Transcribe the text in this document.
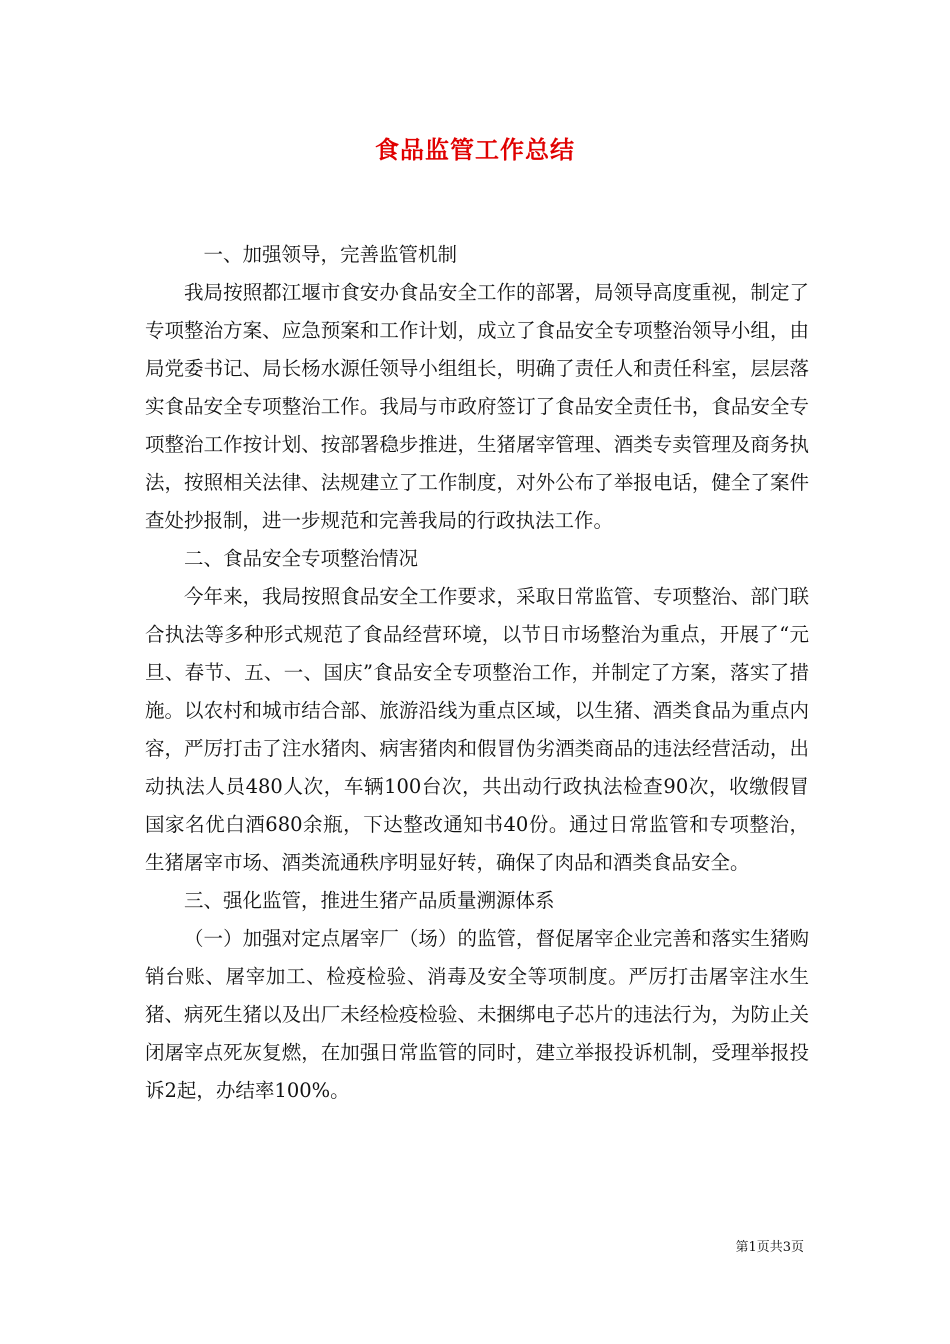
食品监管工作总结

一、加强领导，完善监管机制

我局按照都江堰市食安办食品安全工作的部署，局领导高度重视，制定了专项整治方案、应急预案和工作计划，成立了食品安全专项整治领导小组，由局党委书记、局长杨水源任领导小组组长，明确了责任人和责任科室，层层落实食品安全专项整治工作。我局与市政府签订了食品安全责任书，食品安全专项整治工作按计划、按部署稳步推进，生猪屠宰管理、酒类专卖管理及商务执法，按照相关法律、法规建立了工作制度，对外公布了举报电话，健全了案件查处抄报制，进一步规范和完善我局的行政执法工作。

二、食品安全专项整治情况

今年来，我局按照食品安全工作要求，采取日常监管、专项整治、部门联合执法等多种形式规范了食品经营环境，以节日市场整治为重点，开展了“元旦、春节、五、一、国庆”食品安全专项整治工作，并制定了方案，落实了措施。以农村和城市结合部、旅游沿线为重点区域，以生猪、酒类食品为重点内容，严厉打击了注水猪肉、病害猪肉和假冒伪劣酒类商品的违法经营活动，出动执法人员480人次，车辆100台次，共出动行政执法检查90次，收缴假冒国家名优白酒680余瓶，下达整改通知书40份。通过日常监管和专项整治，生猪屠宰市场、酒类流通秩序明显好转，确保了肉品和酒类食品安全。

三、强化监管，推进生猪产品质量溯源体系

（一）加强对定点屠宰厂（场）的监管，督促屠宰企业完善和落实生猪购销台账、屠宰加工、检疫检验、消毒及安全等项制度。严厉打击屠宰注水生猪、病死生猪以及出厂未经检疫检验、未捆绑电子芯片的违法行为，为防止关闭屠宰点死灰复燃，在加强日常监管的同时，建立举报投诉机制，受理举报投诉2起，办结率100%。

第1页共3页
